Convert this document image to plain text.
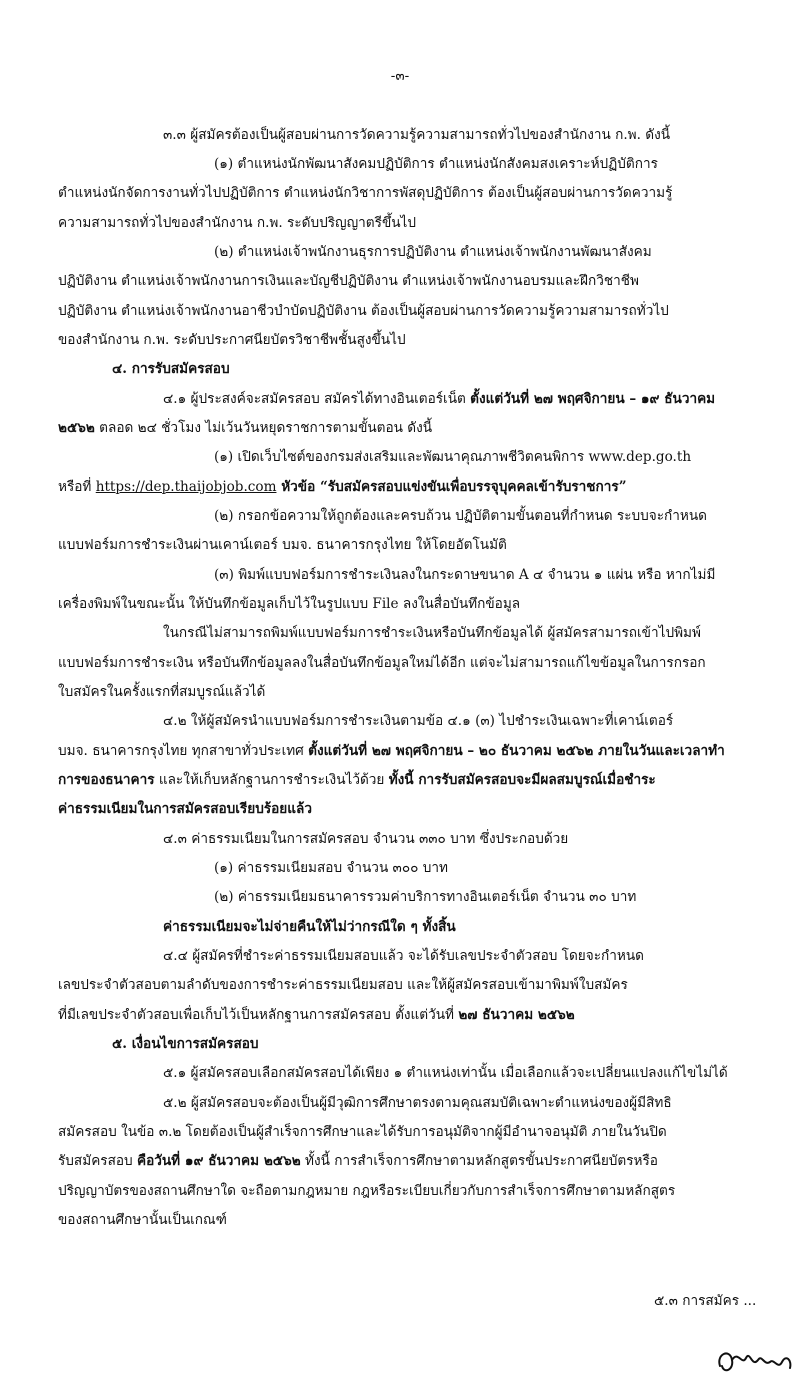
-๓-
๓.๓ ผู้สมัครต้องเป็นผู้สอบผ่านการวัดความรู้ความสามารถทั่วไปของสำนักงาน ก.พ. ดังนี้
(๑) ตำแหน่งนักพัฒนาสังคมปฏิบัติการ ตำแหน่งนักสังคมสงเคราะห์ปฏิบัติการ
ตำแหน่งนักจัดการงานทั่วไปปฏิบัติการ ตำแหน่งนักวิชาการพัสดุปฏิบัติการ ต้องเป็นผู้สอบผ่านการวัดความรู้
ความสามารถทั่วไปของสำนักงาน ก.พ. ระดับปริญญาตรีขึ้นไป
(๒) ตำแหน่งเจ้าพนักงานธุรการปฏิบัติงาน ตำแหน่งเจ้าพนักงานพัฒนาสังคม
ปฏิบัติงาน ตำแหน่งเจ้าพนักงานการเงินและบัญชีปฏิบัติงาน ตำแหน่งเจ้าพนักงานอบรมและฝึกวิชาชีพ
ปฏิบัติงาน ตำแหน่งเจ้าพนักงานอาชีวบำบัดปฏิบัติงาน ต้องเป็นผู้สอบผ่านการวัดความรู้ความสามารถทั่วไป
ของสำนักงาน ก.พ. ระดับประกาศนียบัตรวิชาชีพชั้นสูงขึ้นไป
๔. การรับสมัครสอบ
๔.๑ ผู้ประสงค์จะสมัครสอบ สมัครได้ทางอินเตอร์เน็ต ตั้งแต่วันที่ ๒๗ พฤศจิกายน – ๑๙ ธันวาคม
๒๕๖๒ ตลอด ๒๔ ชั่วโมง ไม่เว้นวันหยุดราชการตามขั้นตอน ดังนี้
(๑) เปิดเว็บไซต์ของกรมส่งเสริมและพัฒนาคุณภาพชีวิตคนพิการ www.dep.go.th
หรือที่ https://dep.thaijobjob.com หัวข้อ “รับสมัครสอบแข่งขันเพื่อบรรจุบุคคลเข้ารับราชการ”
(๒) กรอกข้อความให้ถูกต้องและครบถ้วน ปฏิบัติตามขั้นตอนที่กำหนด ระบบจะกำหนด
แบบฟอร์มการชำระเงินผ่านเคาน์เตอร์ บมจ. ธนาคารกรุงไทย ให้โดยอัตโนมัติ
(๓) พิมพ์แบบฟอร์มการชำระเงินลงในกระดาษขนาด A ๔ จำนวน ๑ แผ่น หรือ หากไม่มี
เครื่องพิมพ์ในขณะนั้น ให้บันทึกข้อมูลเก็บไว้ในรูปแบบ File ลงในสื่อบันทึกข้อมูล
ในกรณีไม่สามารถพิมพ์แบบฟอร์มการชำระเงินหรือบันทึกข้อมูลได้ ผู้สมัครสามารถเข้าไปพิมพ์
แบบฟอร์มการชำระเงิน หรือบันทึกข้อมูลลงในสื่อบันทึกข้อมูลใหม่ได้อีก แต่จะไม่สามารถแก้ไขข้อมูลในการกรอก
ใบสมัครในครั้งแรกที่สมบูรณ์แล้วได้
๔.๒ ให้ผู้สมัครนำแบบฟอร์มการชำระเงินตามข้อ ๔.๑ (๓) ไปชำระเงินเฉพาะที่เคาน์เตอร์
บมจ. ธนาคารกรุงไทย ทุกสาขาทั่วประเทศ ตั้งแต่วันที่ ๒๗ พฤศจิกายน – ๒๐ ธันวาคม ๒๕๖๒ ภายในวันและเวลาทำ
การของธนาคาร และให้เก็บหลักฐานการชำระเงินไว้ด้วย ทั้งนี้ การรับสมัครสอบจะมีผลสมบูรณ์เมื่อชำระ
ค่าธรรมเนียมในการสมัครสอบเรียบร้อยแล้ว
๔.๓ ค่าธรรมเนียมในการสมัครสอบ จำนวน ๓๓๐ บาท ซึ่งประกอบด้วย
(๑) ค่าธรรมเนียมสอบ จำนวน ๓๐๐ บาท
(๒) ค่าธรรมเนียมธนาคารรวมค่าบริการทางอินเตอร์เน็ต จำนวน ๓๐ บาท
ค่าธรรมเนียมจะไม่จ่ายคืนให้ไม่ว่ากรณีใด ๆ ทั้งสิ้น
๔.๔ ผู้สมัครที่ชำระค่าธรรมเนียมสอบแล้ว จะได้รับเลขประจำตัวสอบ โดยจะกำหนด
เลขประจำตัวสอบตามลำดับของการชำระค่าธรรมเนียมสอบ และให้ผู้สมัครสอบเข้ามาพิมพ์ใบสมัคร
ที่มีเลขประจำตัวสอบเพื่อเก็บไว้เป็นหลักฐานการสมัครสอบ ตั้งแต่วันที่ ๒๗ ธันวาคม ๒๕๖๒
๕. เงื่อนไขการสมัครสอบ
๕.๑ ผู้สมัครสอบเลือกสมัครสอบได้เพียง ๑ ตำแหน่งเท่านั้น เมื่อเลือกแล้วจะเปลี่ยนแปลงแก้ไขไม่ได้
๕.๒ ผู้สมัครสอบจะต้องเป็นผู้มีวุฒิการศึกษาตรงตามคุณสมบัติเฉพาะตำแหน่งของผู้มีสิทธิ
สมัครสอบ ในข้อ ๓.๒ โดยต้องเป็นผู้สำเร็จการศึกษาและได้รับการอนุมัติจากผู้มีอำนาจอนุมัติ ภายในวันปิด
รับสมัครสอบ คือวันที่ ๑๙ ธันวาคม ๒๕๖๒ ทั้งนี้ การสำเร็จการศึกษาตามหลักสูตรขั้นประกาศนียบัตรหรือ
ปริญญาบัตรของสถานศึกษาใด จะถือตามกฎหมาย กฎหรือระเบียบเกี่ยวกับการสำเร็จการศึกษาตามหลักสูตร
ของสถานศึกษานั้นเป็นเกณฑ์
๕.๓ การสมัคร ...
